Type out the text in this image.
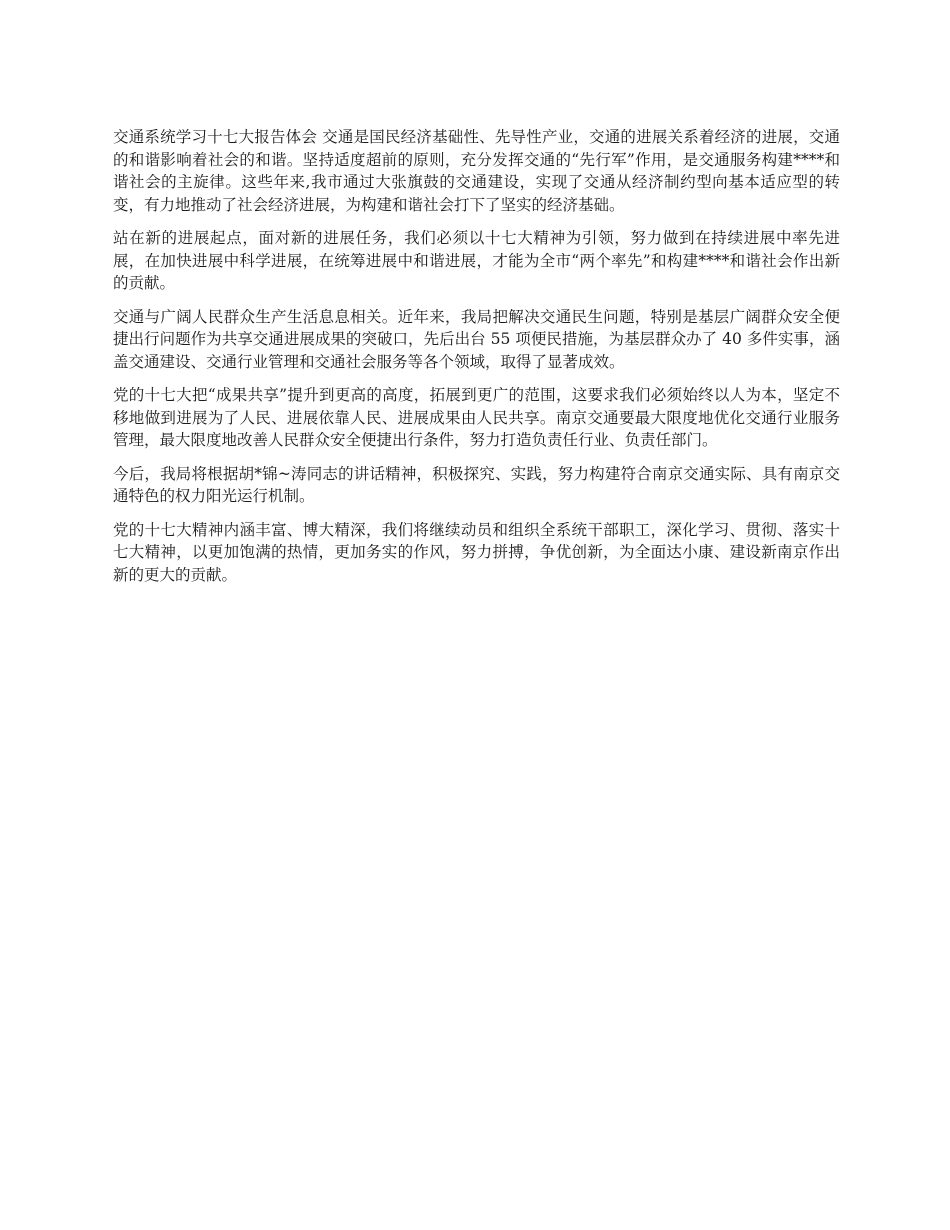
交通系统学习十七大报告体会 交通是国民经济基础性、先导性产业，交通的进展关系着经济的进展，交通的和谐影响着社会的和谐。坚持适度超前的原则，充分发挥交通的“先行军”作用，是交通服务构建****和谐社会的主旋律。这些年来,我市通过大张旗鼓的交通建设，实现了交通从经济制约型向基本适应型的转变，有力地推动了社会经济进展，为构建和谐社会打下了坚实的经济基础。

站在新的进展起点，面对新的进展任务，我们必须以十七大精神为引领，努力做到在持续进展中率先进展，在加快进展中科学进展，在统筹进展中和谐进展，才能为全市“两个率先”和构建****和谐社会作出新的贡献。

交通与广阔人民群众生产生活息息相关。近年来，我局把解决交通民生问题，特别是基层广阔群众安全便捷出行问题作为共享交通进展成果的突破口，先后出台 55 项便民措施，为基层群众办了 40 多件实事，涵盖交通建设、交通行业管理和交通社会服务等各个领域，取得了显著成效。

党的十七大把“成果共享”提升到更高的高度，拓展到更广的范围，这要求我们必须始终以人为本，坚定不移地做到进展为了人民、进展依靠人民、进展成果由人民共享。南京交通要最大限度地优化交通行业服务管理，最大限度地改善人民群众安全便捷出行条件，努力打造负责任行业、负责任部门。

今后，我局将根据胡*锦~涛同志的讲话精神，积极探究、实践，努力构建符合南京交通实际、具有南京交通特色的权力阳光运行机制。

党的十七大精神内涵丰富、博大精深，我们将继续动员和组织全系统干部职工，深化学习、贯彻、落实十七大精神，以更加饱满的热情，更加务实的作风，努力拼搏，争优创新，为全面达小康、建设新南京作出新的更大的贡献。
